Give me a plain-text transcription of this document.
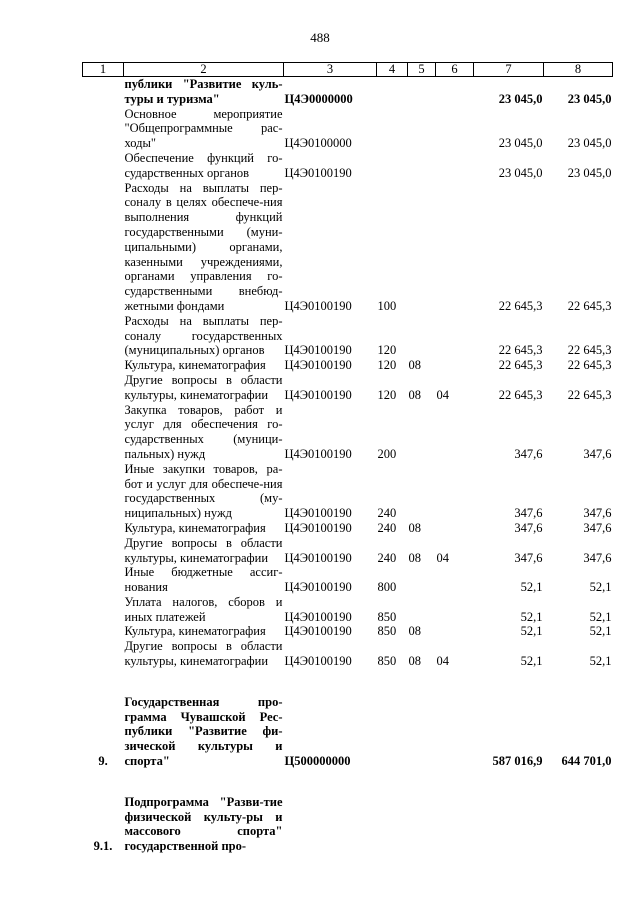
488
1	2	3	4	5	6	7	8
	публики "Развитие куль-туры и туризма"	Ц4Э0000000				23 045,0	23 045,0
	Основное мероприятие "Общепрограммные рас-ходы"	Ц4Э0100000				23 045,0	23 045,0
	Обеспечение функций го-сударственных органов	Ц4Э0100190				23 045,0	23 045,0
	Расходы на выплаты пер-соналу в целях обеспече-ния выполнения функций государственными (муни-ципальными) органами, казенными учреждениями, органами управления го-сударственными внебюд-жетными фондами	Ц4Э0100190	100			22 645,3	22 645,3
	Расходы на выплаты пер-соналу государственных (муниципальных) органов	Ц4Э0100190	120			22 645,3	22 645,3
	Культура, кинематография	Ц4Э0100190	120	08		22 645,3	22 645,3
	Другие вопросы в области культуры, кинематографии	Ц4Э0100190	120	08	04	22 645,3	22 645,3
	Закупка товаров, работ и услуг для обеспечения го-сударственных (муници-пальных) нужд	Ц4Э0100190	200			347,6	347,6
	Иные закупки товаров, ра-бот и услуг для обеспече-ния государственных (му-ниципальных) нужд	Ц4Э0100190	240			347,6	347,6
	Культура, кинематография	Ц4Э0100190	240	08		347,6	347,6
	Другие вопросы в области культуры, кинематографии	Ц4Э0100190	240	08	04	347,6	347,6
	Иные бюджетные ассиг-нования	Ц4Э0100190	800			52,1	52,1
	Уплата налогов, сборов и иных платежей	Ц4Э0100190	850			52,1	52,1
	Культура, кинематография	Ц4Э0100190	850	08		52,1	52,1
	Другие вопросы в области культуры, кинематографии	Ц4Э0100190	850	08	04	52,1	52,1

9.	Государственная про-грамма Чувашской Рес-публики "Развитие фи-зической культуры и спорта"	Ц500000000				587 016,9	644 701,0

9.1.	Подпрограмма "Разви-тие физической культу-ры и массового спорта" государственной про-						
